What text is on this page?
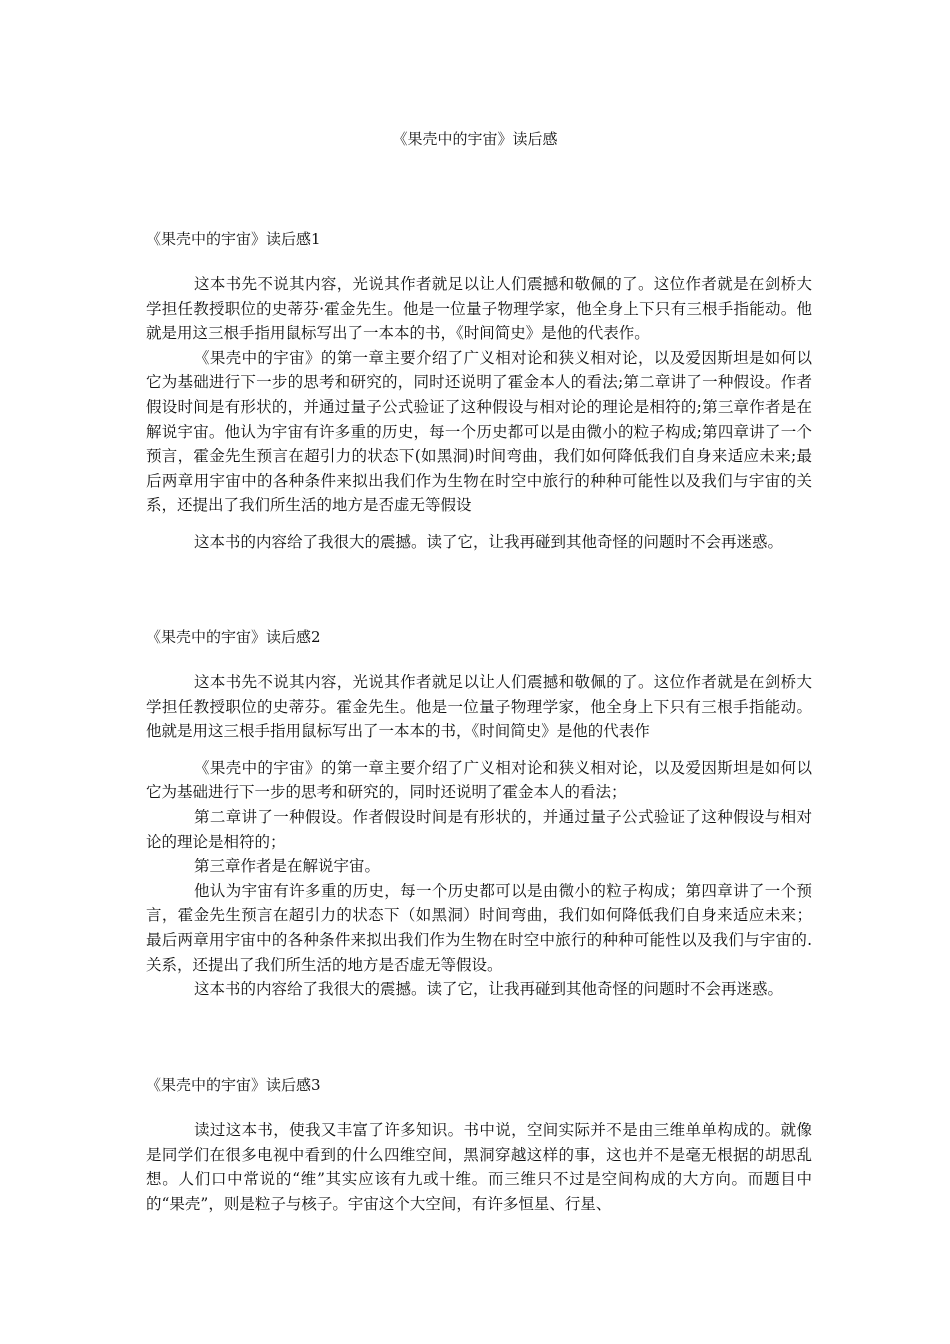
《果壳中的宇宙》读后感

《果壳中的宇宙》读后感1

这本书先不说其内容，光说其作者就足以让人们震撼和敬佩的了。这位作者就是在剑桥大学担任教授职位的史蒂芬·霍金先生。他是一位量子物理学家，他全身上下只有三根手指能动。他就是用这三根手指用鼠标写出了一本本的书，《时间简史》是他的代表作。

《果壳中的宇宙》的第一章主要介绍了广义相对论和狭义相对论，以及爱因斯坦是如何以它为基础进行下一步的思考和研究的，同时还说明了霍金本人的看法;第二章讲了一种假设。作者假设时间是有形状的，并通过量子公式验证了这种假设与相对论的理论是相符的;第三章作者是在解说宇宙。他认为宇宙有许多重的历史，每一个历史都可以是由微小的粒子构成;第四章讲了一个预言，霍金先生预言在超引力的状态下(如黑洞)时间弯曲，我们如何降低我们自身来适应未来;最后两章用宇宙中的各种条件来拟出我们作为生物在时空中旅行的种种可能性以及我们与宇宙的关系，还提出了我们所生活的地方是否虚无等假设

这本书的内容给了我很大的震撼。读了它，让我再碰到其他奇怪的问题时不会再迷惑。

《果壳中的宇宙》读后感2

这本书先不说其内容，光说其作者就足以让人们震撼和敬佩的了。这位作者就是在剑桥大学担任教授职位的史蒂芬。霍金先生。他是一位量子物理学家，他全身上下只有三根手指能动。他就是用这三根手指用鼠标写出了一本本的书，《时间简史》是他的代表作

《果壳中的宇宙》的第一章主要介绍了广义相对论和狭义相对论，以及爱因斯坦是如何以它为基础进行下一步的思考和研究的，同时还说明了霍金本人的看法；

第二章讲了一种假设。作者假设时间是有形状的，并通过量子公式验证了这种假设与相对论的理论是相符的；

第三章作者是在解说宇宙。

他认为宇宙有许多重的历史，每一个历史都可以是由微小的粒子构成；第四章讲了一个预言，霍金先生预言在超引力的状态下（如黑洞）时间弯曲，我们如何降低我们自身来适应未来；最后两章用宇宙中的各种条件来拟出我们作为生物在时空中旅行的种种可能性以及我们与宇宙的.关系，还提出了我们所生活的地方是否虚无等假设。

这本书的内容给了我很大的震撼。读了它，让我再碰到其他奇怪的问题时不会再迷惑。

《果壳中的宇宙》读后感3

读过这本书，使我又丰富了许多知识。书中说，空间实际并不是由三维单单构成的。就像是同学们在很多电视中看到的什么四维空间，黑洞穿越这样的事，这也并不是毫无根据的胡思乱想。人们口中常说的“维”其实应该有九或十维。而三维只不过是空间构成的大方向。而题目中的“果壳”，则是粒子与核子。宇宙这个大空间，有许多恒星、行星、
